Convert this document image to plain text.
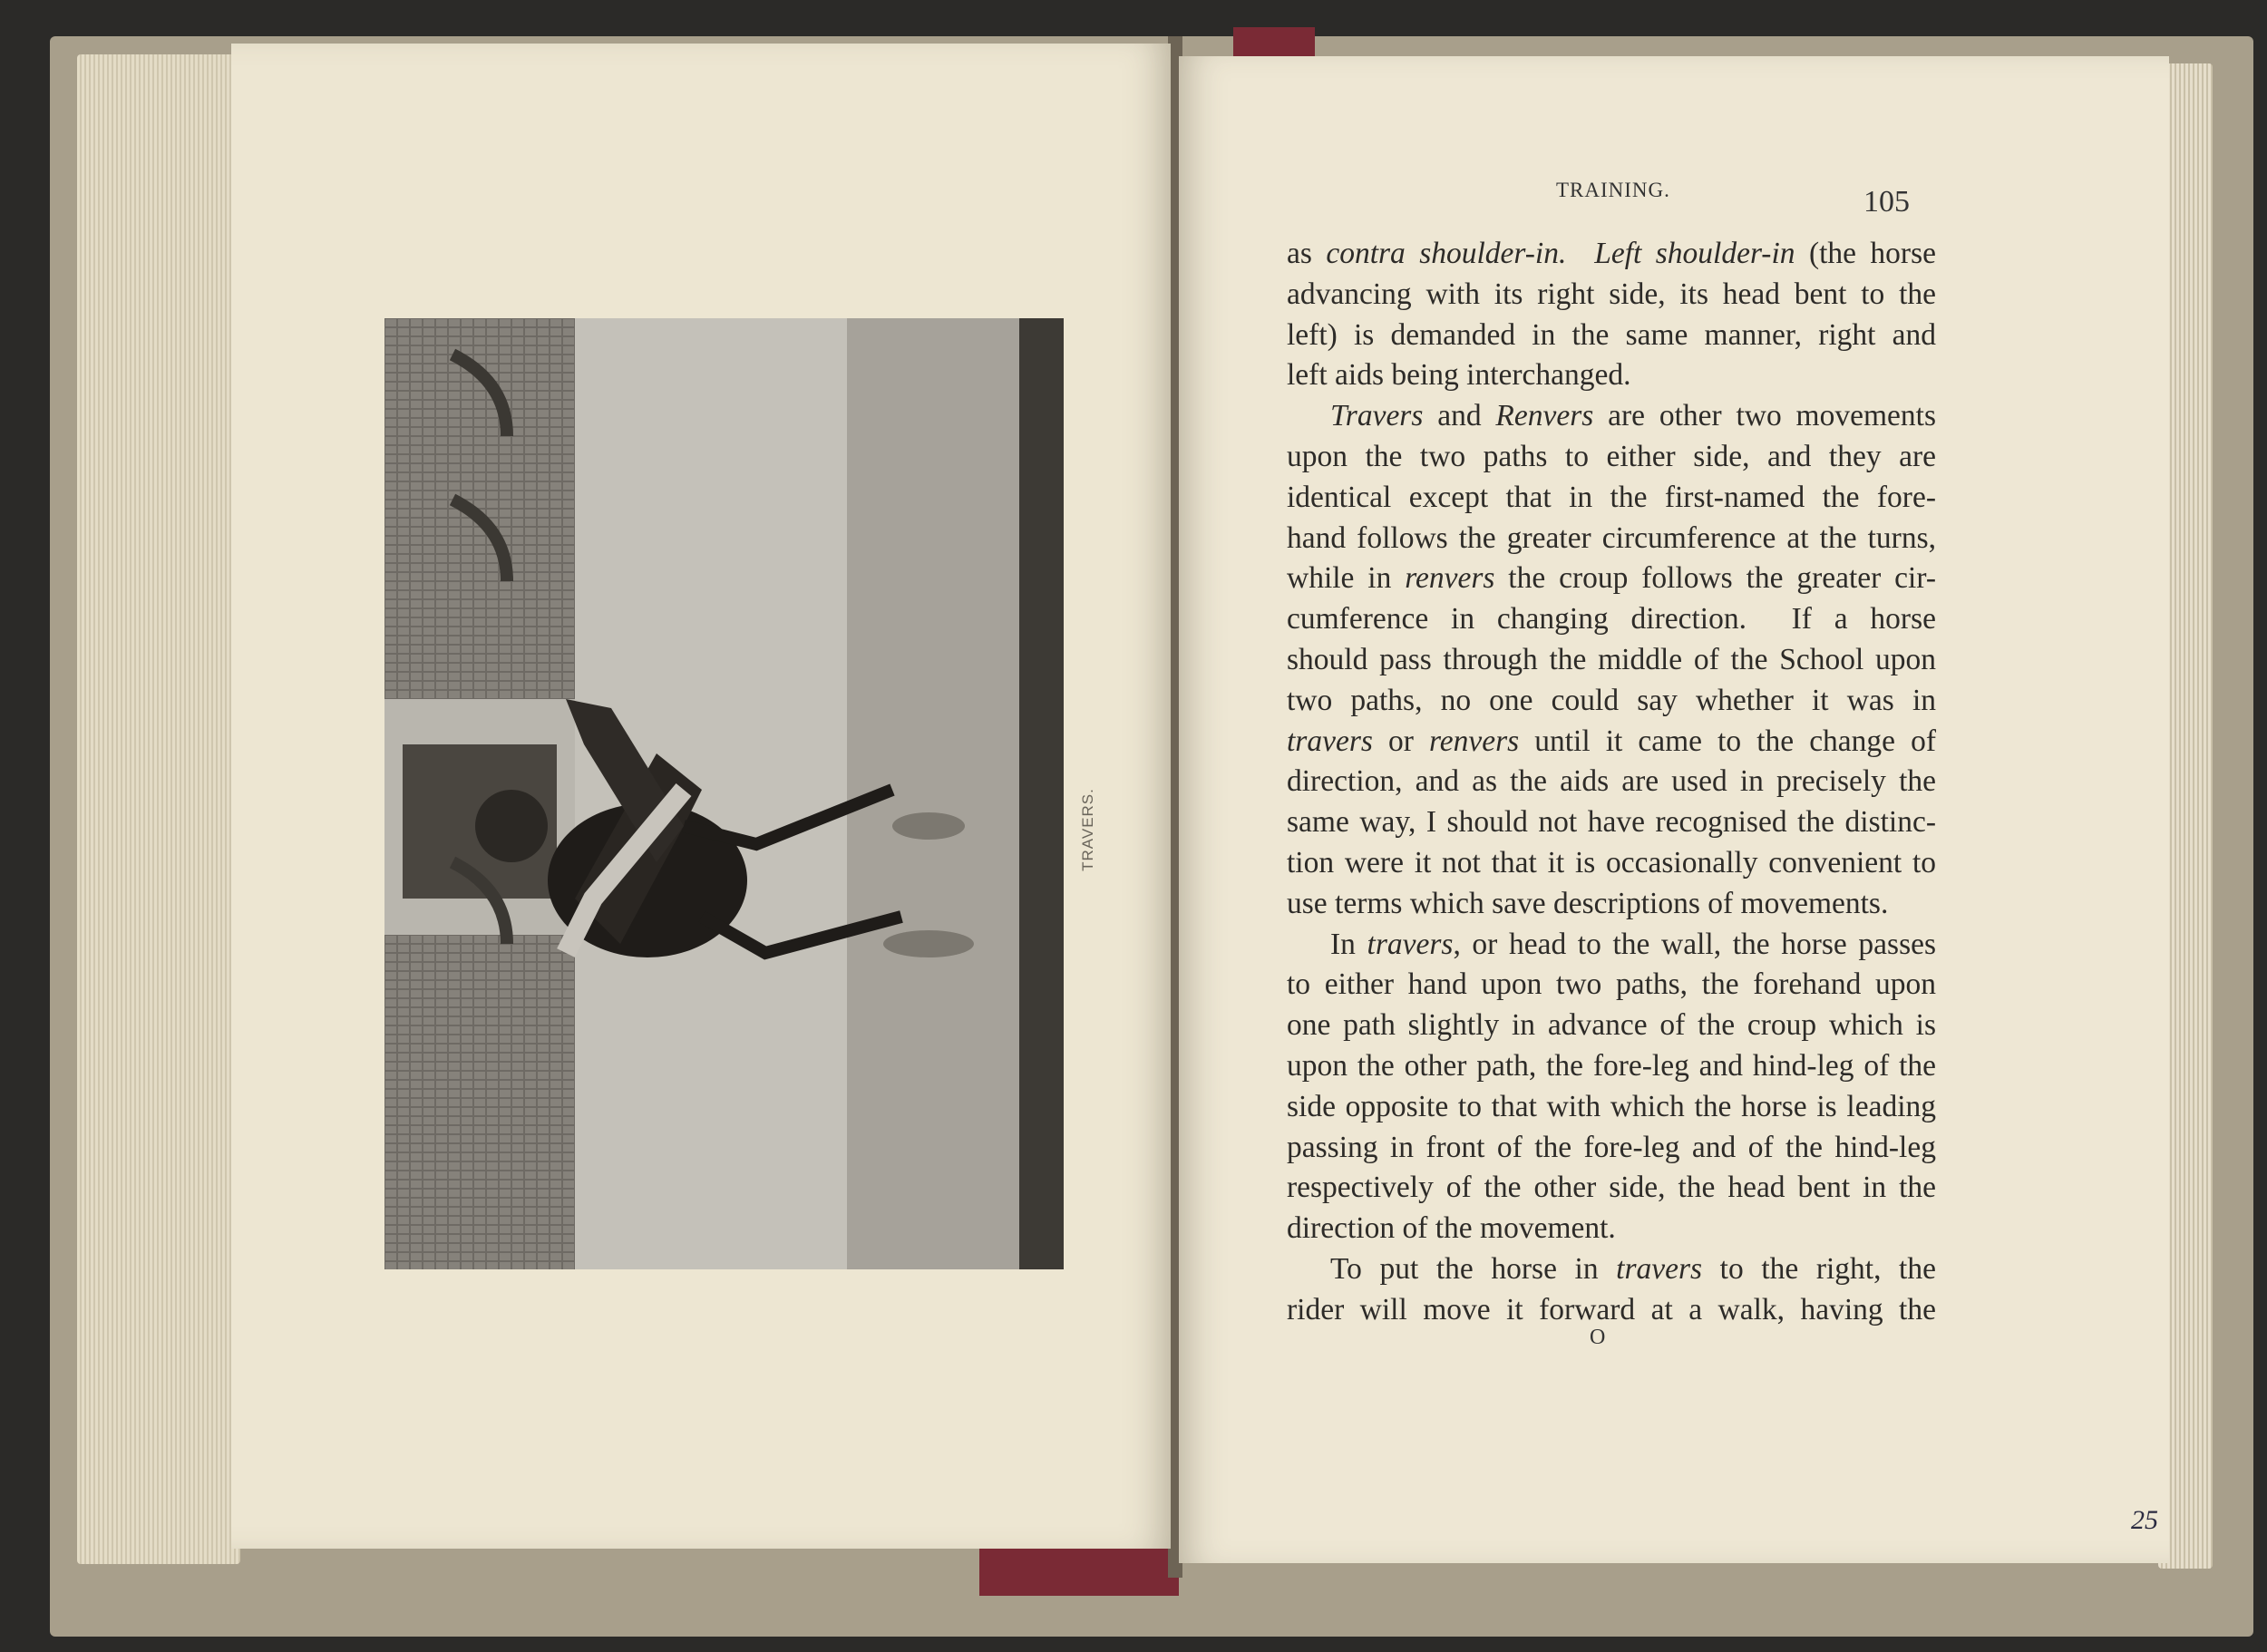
TRAVERS.
TRAINING.	105
as contra shoulder-in. Left shoulder-in (the horse
advancing with its right side, its head bent to the
left) is demanded in the same manner, right and
left aids being interchanged.
Travers and Renvers are other two movements
upon the two paths to either side, and they are
identical except that in the first-named the fore-
hand follows the greater circumference at the turns,
while in renvers the croup follows the greater cir-
cumference in changing direction.  If a horse
should pass through the middle of the School upon
two paths, no one could say whether it was in
travers or renvers until it came to the change of
direction, and as the aids are used in precisely the
same way, I should not have recognised the distinc-
tion were it not that it is occasionally convenient to
use terms which save descriptions of movements.
In travers, or head to the wall, the horse passes
to either hand upon two paths, the forehand upon
one path slightly in advance of the croup which is
upon the other path, the fore-leg and hind-leg of the
side opposite to that with which the horse is leading
passing in front of the fore-leg and of the hind-leg
respectively of the other side, the head bent in the
direction of the movement.
To put the horse in travers to the right, the
rider will move it forward at a walk, having the
O
25
